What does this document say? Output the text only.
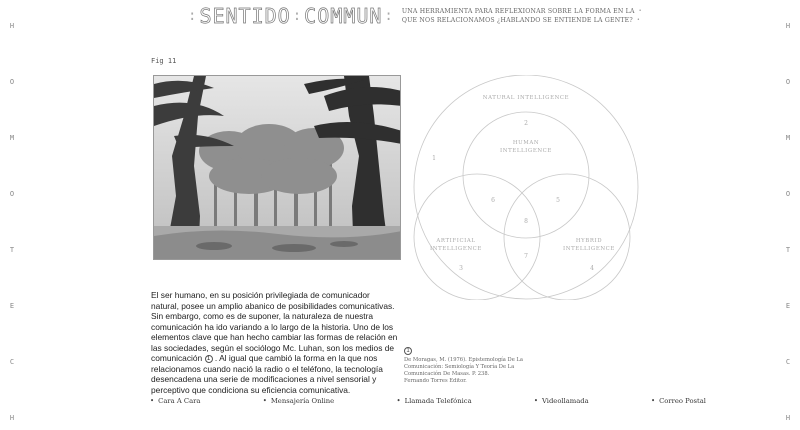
H
O
M
O
T
E
C
H
H
O
M
O
T
E
C
H
: SENTIDO : COMMUN : UNA HERRAMIENTA PARA REFLEXIONAR SOBRE LA FORMA EN LA •
QUE NOS RELACIONAMOS ¿HABLANDO SE ENTIENDE LA GENTE? •
Fig 11
El ser humano, en su posición privilegiada de comunicador natural, posee un amplio abanico de posibilidades comunicativas. Sin embargo, como es de suponer, la naturaleza de nuestra comunicación ha ido variando a lo largo de la historia. Uno de los elementos clave que han hecho cambiar las formas de relación en las sociedades, según el sociólogo Mc. Luhan, son los medios de comunicación 1 . Al igual que cambió la forma en la que nos relacionamos cuando nació la radio o el teléfono, la tecnología desencadena una serie de modificaciones a nivel sensorial y perceptivo que condiciona su eficiencia comunicativa.
1
De Moragas, M. (1976). Epistemología De La
Comunicación: Semiología Y Teoría De La
Comunicación De Masas. P. 238.
Fernando Torres Editor.
NATURAL INTELLIGENCE
HUMAN
INTELLIGENCE
ARTIFICIAL
INTELLIGENCE
HYBRID
INTELLIGENCE
1
2
3	4
5
6
7
8
• Cara A Cara	• Mensajería Online	• Llamada Telefónica	• Videollamada	• Correo Postal
